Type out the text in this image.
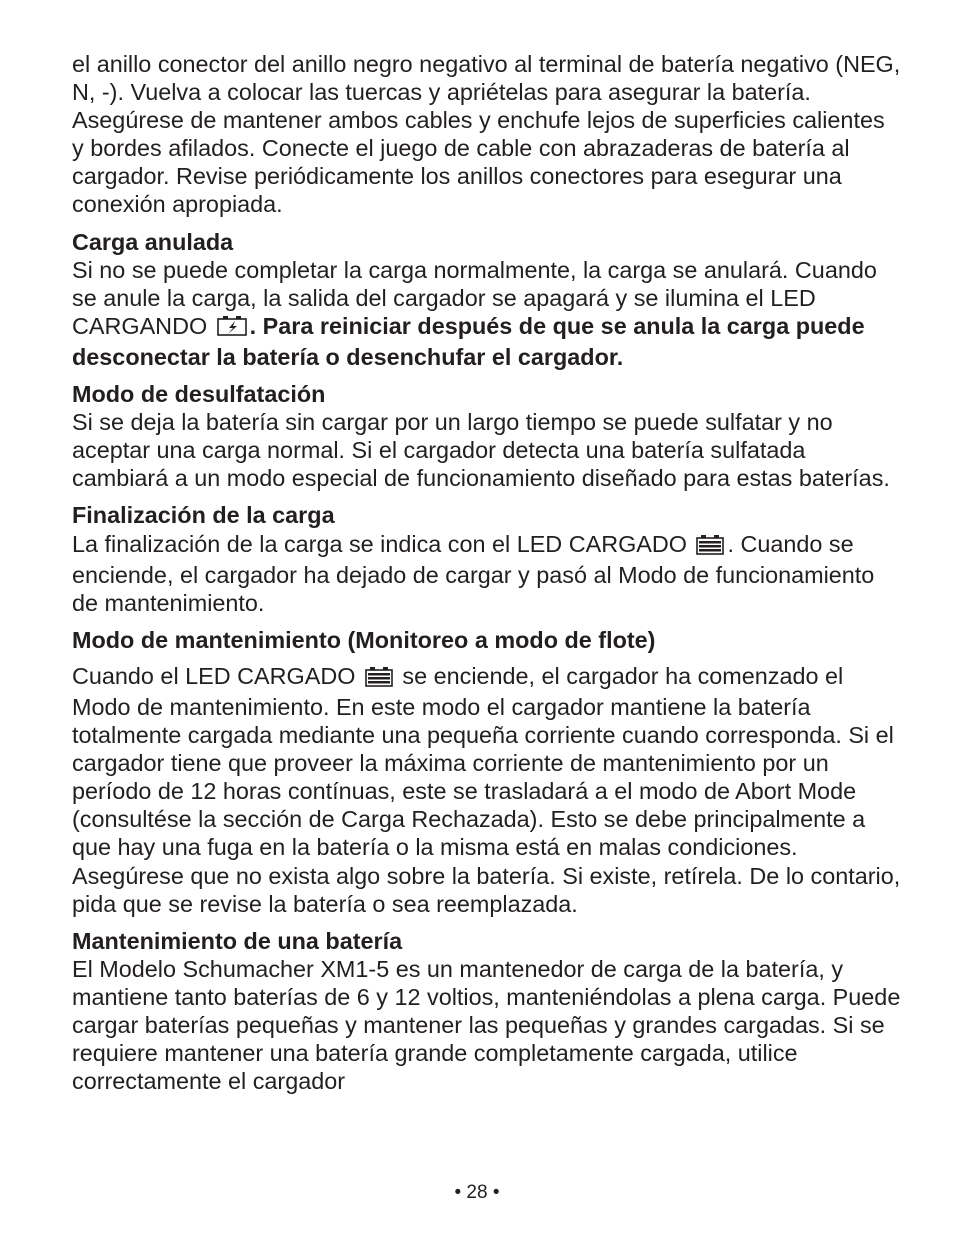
el anillo conector del anillo negro negativo al terminal de batería negativo (NEG, N, -). Vuelva a colocar las tuercas y apriételas para asegurar la batería. Asegúrese de mantener ambos cables y enchufe lejos de superficies calientes y bordes afilados. Conecte el juego de cable con abrazaderas de batería al cargador. Revise periódicamente los anillos conectores para esegurar una conexión apropiada.

Carga anulada

Si no se puede completar la carga normalmente, la carga se anulará. Cuando se anule la carga, la salida del cargador se apagará y se ilumina el LED CARGANDO . Para reiniciar después de que se anula la carga puede desconectar la batería o desenchufar el cargador.

Modo de desulfatación

Si se deja la batería sin cargar por un largo tiempo se puede sulfatar y no aceptar una carga normal. Si el cargador detecta una batería sulfatada cambiará a un modo especial de funcionamiento diseñado para estas baterías.

Finalización de la carga

La finalización de la carga se indica con el LED CARGADO . Cuando se enciende, el cargador ha dejado de cargar y pasó al Modo de funcionamiento de mantenimiento.

Modo de mantenimiento (Monitoreo a modo de flote)

Cuando el LED CARGADO se enciende, el cargador ha comenzado el Modo de mantenimiento. En este modo el cargador mantiene la batería totalmente cargada mediante una pequeña corriente cuando corresponda. Si el cargador tiene que proveer la máxima corriente de mantenimiento por un período de 12 horas contínuas, este se trasladará a el modo de Abort Mode (consultése la sección de Carga Rechazada). Esto se debe principalmente a que hay una fuga en la batería o la misma está en malas condiciones. Asegúrese que no exista algo sobre la batería. Si existe, retírela. De lo contario, pida que se revise la batería o sea reemplazada.

Mantenimiento de una batería

El Modelo Schumacher XM1-5 es un mantenedor de carga de la batería, y mantiene tanto baterías de 6 y 12 voltios, manteniéndolas a plena carga. Puede cargar baterías pequeñas y mantener las pequeñas y grandes cargadas. Si se requiere mantener una batería grande completamente cargada, utilice correctamente el cargador

• 28 •
